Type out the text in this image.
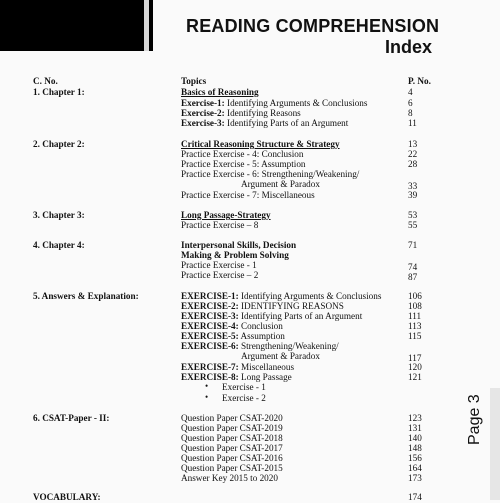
READING COMPREHENSION
Index
C. No.	Topics	P. No.
1. Chapter 1:	Basics of Reasoning	4
Exercise-1: Identifying Arguments & Conclusions	6
Exercise-2: Identifying Reasons	8
Exercise-3: Identifying Parts of an Argument	11
2. Chapter 2:	Critical Reasoning Structure & Strategy	13
Practice Exercise - 4: Conclusion	22
Practice Exercise - 5: Assumption	28
Practice Exercise - 6: Strengthening/Weakening/
Argument & Paradox	33
Practice Exercise - 7: Miscellaneous	39
3. Chapter 3:	Long Passage-Strategy	53
Practice Exercise – 8	55
4. Chapter 4:	Interpersonal Skills, Decision	71
Making & Problem Solving
Practice Exercise - 1	74
Practice Exercise – 2	87
5. Answers & Explanation:	EXERCISE-1: Identifying Arguments & Conclusions	106
EXERCISE-2: IDENTIFYING REASONS	108
EXERCISE-3: Identifying Parts of an Argument	111
EXERCISE-4: Conclusion	113
EXERCISE-5: Assumption	115
EXERCISE-6: Strengthening/Weakening/
Argument & Paradox	117
EXERCISE-7: Miscellaneous	120
EXERCISE-8: Long Passage	121
• Exercise - 1
• Exercise - 2
6. CSAT-Paper - II:	Question Paper CSAT-2020	123
Question Paper CSAT-2019	131
Question Paper CSAT-2018	140
Question Paper CSAT-2017	148
Question Paper CSAT-2016	156
Question Paper CSAT-2015	164
Answer Key 2015 to 2020	173
VOCABULARY:	174
Page 3
